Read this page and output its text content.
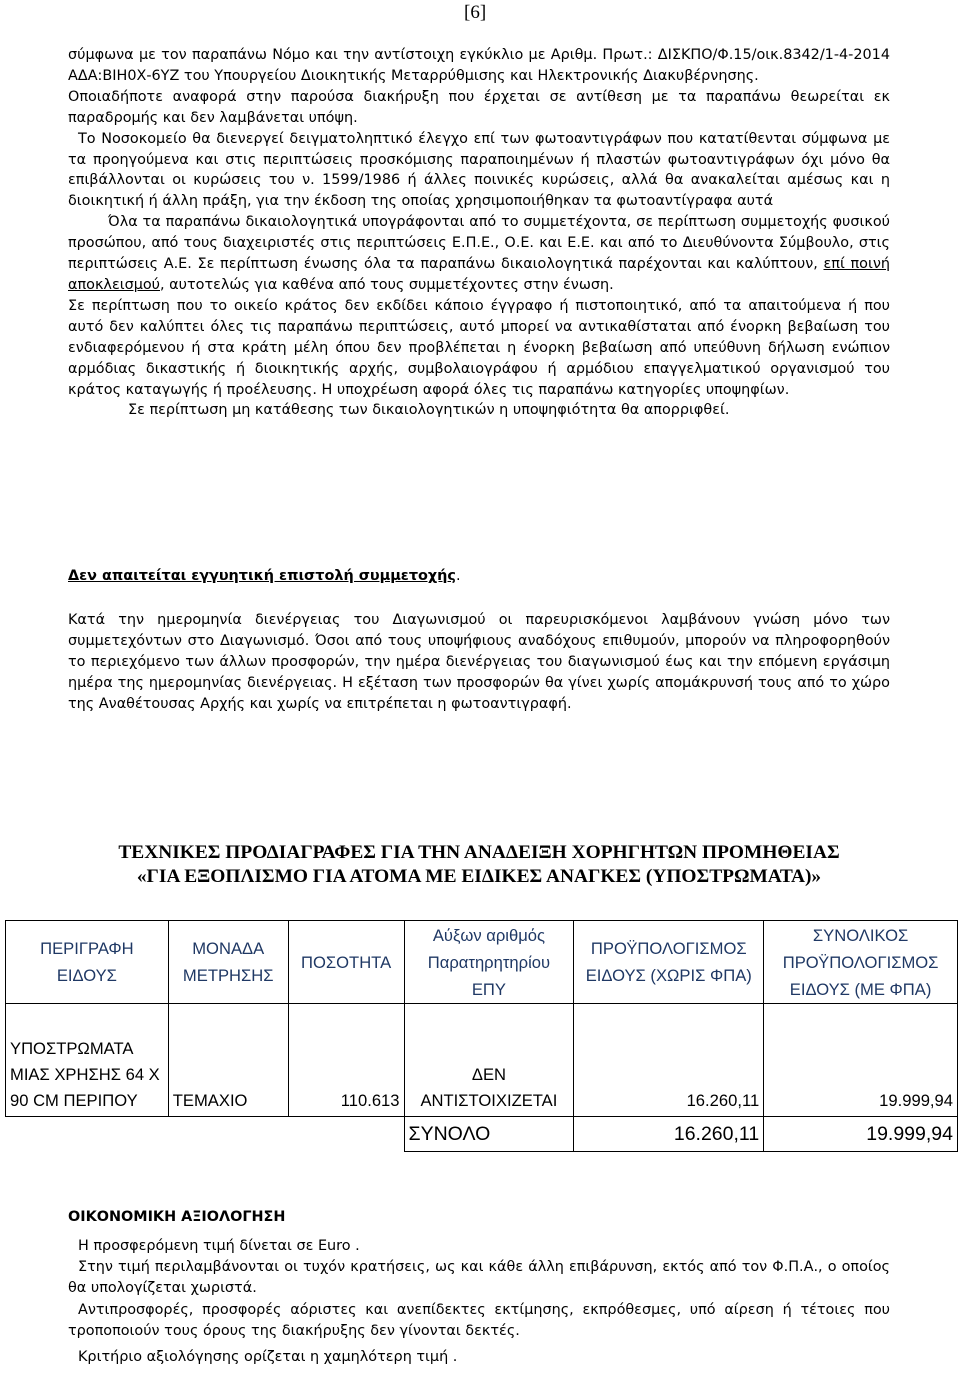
[6]
σύμφωνα με τον παραπάνω Νόμο και την αντίστοιχη εγκύκλιο με Αριθμ. Πρωτ.: ΔΙΣΚΠΟ/Φ.15/οικ.8342/1-4-2014 ΑΔΑ:ΒΙΗ0Χ-6ΥΖ του Υπουργείου Διοικητικής Μεταρρύθμισης και Ηλεκτρονικής Διακυβέρνησης.
Οποιαδήποτε αναφορά στην παρούσα διακήρυξη που έρχεται σε αντίθεση με τα παραπάνω θεωρείται εκ παραδρομής και δεν λαμβάνεται υπόψη.
Το Νοσοκομείο θα διενεργεί δειγματοληπτικό έλεγχο επί των φωτοαντιγράφων που κατατίθενται σύμφωνα με τα προηγούμενα και στις περιπτώσεις προσκόμισης παραποιημένων ή πλαστών φωτοαντιγράφων όχι μόνο θα επιβάλλονται οι κυρώσεις του ν. 1599/1986 ή άλλες ποινικές κυρώσεις, αλλά θα ανακαλείται αμέσως και η διοικητική ή άλλη πράξη, για την έκδοση της οποίας χρησιμοποιήθηκαν τα φωτοαντίγραφα αυτά
Όλα τα παραπάνω δικαιολογητικά υπογράφονται από το συμμετέχοντα, σε περίπτωση συμμετοχής φυσικού προσώπου, από τους διαχειριστές στις περιπτώσεις Ε.Π.Ε., Ο.Ε. και Ε.Ε. και από το Διευθύνοντα Σύμβουλο, στις περιπτώσεις Α.Ε. Σε περίπτωση ένωσης όλα τα παραπάνω δικαιολογητικά παρέχονται και καλύπτουν, επί ποινή αποκλεισμού, αυτοτελώς για καθένα από τους συμμετέχοντες στην ένωση.
Σε περίπτωση που το οικείο κράτος δεν εκδίδει κάποιο έγγραφο ή πιστοποιητικό, από τα απαιτούμενα ή που αυτό δεν καλύπτει όλες τις παραπάνω περιπτώσεις, αυτό μπορεί να αντικαθίσταται από ένορκη βεβαίωση του ενδιαφερόμενου ή στα κράτη μέλη όπου δεν προβλέπεται η ένορκη βεβαίωση από υπεύθυνη δήλωση ενώπιον αρμόδιας δικαστικής ή διοικητικής αρχής, συμβολαιογράφου ή αρμόδιου επαγγελματικού οργανισμού του κράτος καταγωγής ή προέλευσης. Η υποχρέωση αφορά όλες τις παραπάνω κατηγορίες υποψηφίων.
Σε περίπτωση μη κατάθεσης των δικαιολογητικών η υποψηφιότητα θα απορριφθεί.
Δεν απαιτείται εγγυητική επιστολή συμμετοχής.
Κατά την ημερομηνία διενέργειας του Διαγωνισμού οι παρευρισκόμενοι λαμβάνουν γνώση μόνο των συμμετεχόντων στο Διαγωνισμό. Όσοι από τους υποψήφιους αναδόχους επιθυμούν, μπορούν να πληροφορηθούν το περιεχόμενο των άλλων προσφορών, την ημέρα διενέργειας του διαγωνισμού έως και την επόμενη εργάσιμη ημέρα της ημερομηνίας διενέργειας. Η εξέταση των προσφορών θα γίνει χωρίς απομάκρυνσή τους από το χώρο της Αναθέτουσας Αρχής και χωρίς να επιτρέπεται η φωτοαντιγραφή.
ΤΕΧΝΙΚΕΣ ΠΡΟΔΙΑΓΡΑΦΕΣ ΓΙΑ ΤΗΝ ΑΝΑΔΕΙΞΗ ΧΟΡΗΓΗΤΩΝ ΠΡΟΜΗΘΕΙΑΣ
«ΓΙΑ ΕΞΟΠΛΙΣΜΟ ΓΙΑ ΑΤΟΜΑ ΜΕ ΕΙΔΙΚΕΣ ΑΝΑΓΚΕΣ (ΥΠΟΣΤΡΩΜΑΤΑ)»
ΠΕΡΙΓΡΑΦΗ ΕΙΔΟΥΣ	ΜΟΝΑΔΑ ΜΕΤΡΗΣΗΣ	ΠΟΣΟΤΗΤΑ	Αύξων αριθμός Παρατηρητηρίου ΕΠΥ	ΠΡΟΫΠΟΛΟΓΙΣΜΟΣ ΕΙΔΟΥΣ (ΧΩΡΙΣ ΦΠΑ)	ΣΥΝΟΛΙΚΟΣ ΠΡΟΫΠΟΛΟΓΙΣΜΟΣ ΕΙΔΟΥΣ (ΜΕ ΦΠΑ)
ΥΠΟΣΤΡΩΜΑΤΑ ΜΙΑΣ ΧΡΗΣΗΣ 64 Χ 90 CM ΠΕΡΙΠΟΥ	ΤΕΜΑΧΙΟ	110.613	ΔΕΝ ΑΝΤΙΣΤΟΙΧΙΖΕΤΑΙ	16.260,11	19.999,94
			ΣΥΝΟΛΟ	16.260,11	19.999,94
ΟΙΚΟΝΟΜΙΚΗ ΑΞΙΟΛΟΓΗΣΗ
Η προσφερόμενη τιμή δίνεται σε Euro .
Στην τιμή περιλαμβάνονται οι τυχόν κρατήσεις, ως και κάθε άλλη επιβάρυνση, εκτός από τον Φ.Π.Α., ο οποίος θα υπολογίζεται χωριστά.
Αντιπροσφορές, προσφορές αόριστες και ανεπίδεκτες εκτίμησης, εκπρόθεσμες, υπό αίρεση ή τέτοιες που τροποποιούν τους όρους της διακήρυξης δεν γίνονται δεκτές.
Κριτήριο αξιολόγησης ορίζεται η χαμηλότερη τιμή .
